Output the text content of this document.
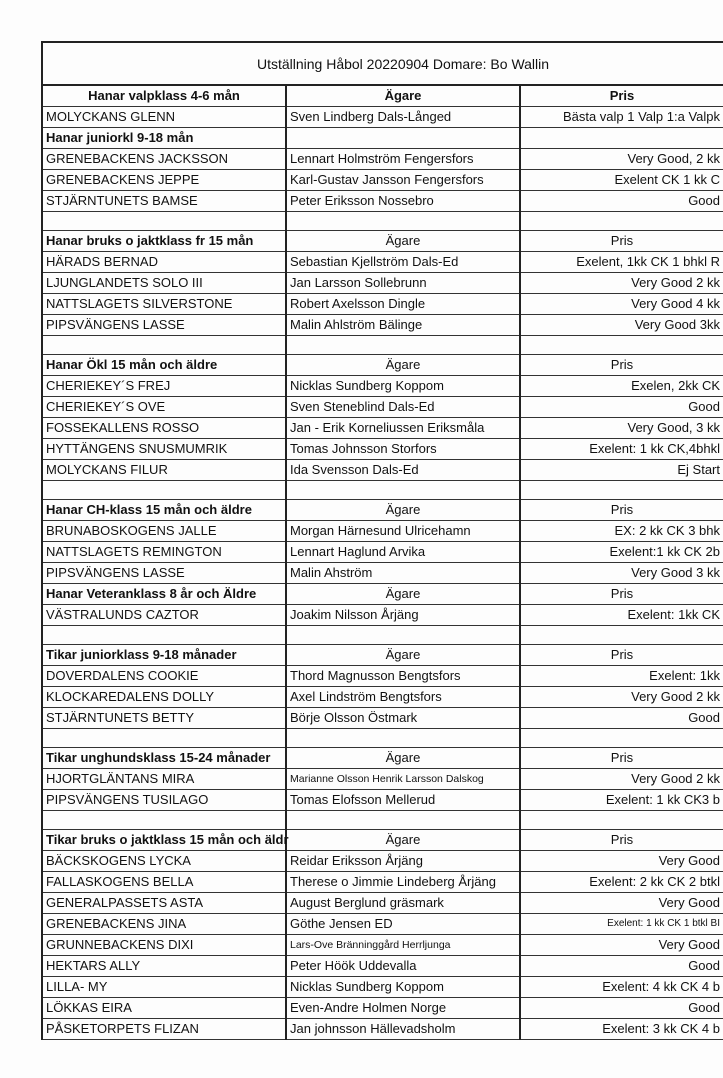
Utställning Håbol 20220904 Domare: Bo Wallin
Hanar valpklass 4-6 mån	Ägare	Pris
MOLYCKANS GLENN	Sven Lindberg Dals-Långed	Bästa valp 1 Valp 1:a Valpk
Hanar juniorkl 9-18 mån		
GRENEBACKENS JACKSSON	Lennart Holmström Fengersfors	Very Good, 2 kk
GRENEBACKENS JEPPE	Karl-Gustav Jansson Fengersfors	Exelent CK 1 kk C
STJÄRNTUNETS BAMSE	Peter Eriksson Nossebro	Good

Hanar bruks o jaktklass fr 15 mån	Ägare	Pris
HÄRADS BERNAD	Sebastian Kjellström Dals-Ed	Exelent, 1kk CK 1 bhkl R
LJUNGLANDETS SOLO III	Jan Larsson Sollebrunn	Very Good 2 kk
NATTSLAGETS SILVERSTONE	Robert Axelsson Dingle	Very Good 4 kk
PIPSVÄNGENS LASSE	Malin Ahlström Bälinge	Very Good 3kk

Hanar Ökl 15 mån och äldre	Ägare	Pris
CHERIEKEY´S FREJ	Nicklas Sundberg Koppom	Exelen, 2kk CK
CHERIEKEY´S OVE	Sven Steneblind Dals-Ed	Good
FOSSEKALLENS ROSSO	Jan - Erik Korneliussen Eriksmåla	Very Good, 3 kk
HYTTÄNGENS SNUSMUMRIK	Tomas Johnsson Storfors	Exelent: 1 kk CK,4bhkl
MOLYCKANS FILUR	Ida Svensson Dals-Ed	Ej Start

Hanar CH-klass 15 mån och äldre	Ägare	Pris
BRUNABOSKOGENS JALLE	Morgan Härnesund Ulricehamn	EX: 2 kk CK 3 bhk
NATTSLAGETS REMINGTON	Lennart Haglund Arvika	Exelent:1 kk CK 2b
PIPSVÄNGENS LASSE	Malin Ahström	Very Good 3 kk
Hanar Veteranklass 8 år och Äldre	Ägare	Pris
VÄSTRALUNDS CAZTOR	Joakim Nilsson Årjäng	Exelent: 1kk CK

Tikar juniorklass 9-18 månader	Ägare	Pris
DOVERDALENS COOKIE	Thord Magnusson Bengtsfors	Exelent: 1kk
KLOCKAREDALENS DOLLY	Axel Lindström Bengtsfors	Very Good 2 kk
STJÄRNTUNETS BETTY	Börje Olsson Östmark	Good

Tikar unghundsklass 15-24 månader	Ägare	Pris
HJORTGLÄNTANS MIRA	Marianne Olsson Henrik Larsson Dalskog	Very Good 2 kk
PIPSVÄNGENS TUSILAGO	Tomas Elofsson Mellerud	Exelent: 1 kk CK3 b

Tikar bruks o jaktklass 15 mån och äldr	Ägare	Pris
BÄCKSKOGENS LYCKA	Reidar Eriksson Årjäng	Very Good
FALLASKOGENS BELLA	Therese o Jimmie Lindeberg Årjäng	Exelent: 2 kk CK 2 btkl
GENERALPASSETS ASTA	August Berglund gräsmark	Very Good
GRENEBACKENS JINA	Göthe Jensen ED	Exelent: 1 kk CK 1 btkl BI
GRUNNEBACKENS DIXI	Lars-Ove Bränninggård Herrljunga	Very Good
HEKTARS ALLY	Peter Höök Uddevalla	Good
LILLA- MY	Nicklas Sundberg Koppom	Exelent: 4 kk CK 4 b
LÖKKAS EIRA	Even-Andre Holmen Norge	Good
PÅSKETORPETS FLIZAN	Jan johnsson Hällevadsholm	Exelent: 3 kk CK 4 b
